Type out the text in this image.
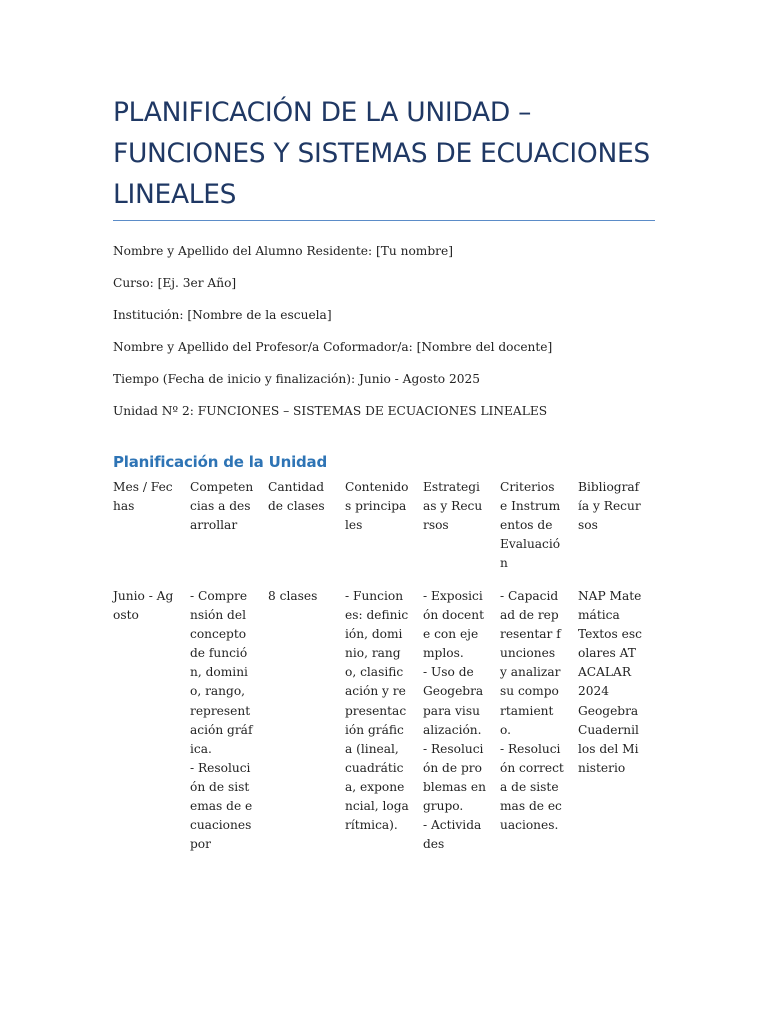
PLANIFICACIÓN DE LA UNIDAD – FUNCIONES Y SISTEMAS DE ECUACIONES LINEALES
Nombre y Apellido del Alumno Residente: [Tu nombre]
Curso: [Ej. 3er Año]
Institución: [Nombre de la escuela]
Nombre y Apellido del Profesor/a Coformador/a: [Nombre del docente]
Tiempo (Fecha de inicio y finalización): Junio - Agosto 2025
Unidad Nº 2: FUNCIONES – SISTEMAS DE ECUACIONES LINEALES
Planificación de la Unidad
Mes / Fechas
Competencias a desarrollar
Cantidad de clases
Contenidos principales
Estrategias y Recursos
Criterios e Instrumentos de Evaluación
Bibliografía y Recursos
Junio - Agosto
- Comprensión del concepto de función, dominio, rango, representación gráfica.
- Resolución de sistemas de ecuaciones por
8 clases	- Funciones: definición, dominio, rango, clasificación y representación gráfica (lineal, cuadrática, exponencial, logarítmica).
- Exposición docente con ejemplos.
- Uso de Geogebra para visualización.
- Resolución de problemas en grupo.
- Actividades
- Capacidad de representar funciones y analizar su comportamiento.
- Resolución correcta de sistemas de ecuaciones.
NAP Matemática
Textos escolares ATACALAR 2024
Geogebra
Cuadernillos del Ministerio
